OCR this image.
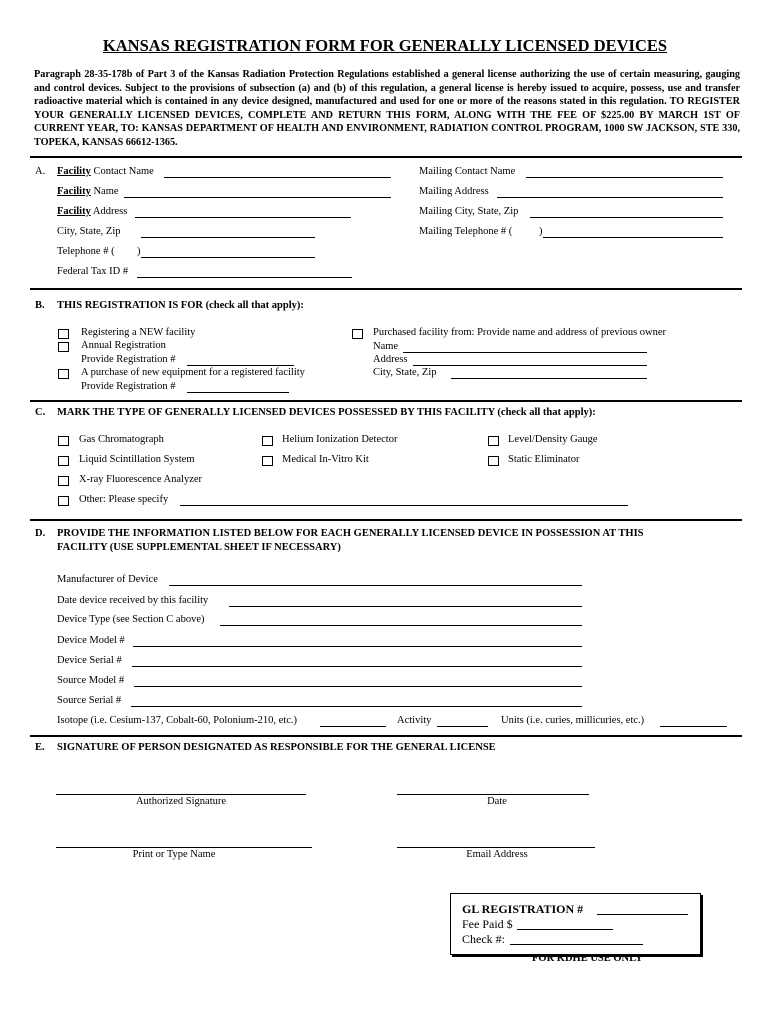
KANSAS REGISTRATION FORM FOR GENERALLY LICENSED DEVICES
Paragraph 28-35-178b of Part 3 of the Kansas Radiation Protection Regulations established a general license authorizing the use of certain measuring, gauging and control devices. Subject to the provisions of subsection (a) and (b) of this regulation, a general license is hereby issued to acquire, possess, use and transfer radioactive material which is contained in any device designed, manufactured and used for one or more of the reasons stated in this regulation. TO REGISTER YOUR GENERALLY LICENSED DEVICES, COMPLETE AND RETURN THIS FORM, ALONG WITH THE FEE OF $225.00 BY MARCH 1ST OF CURRENT YEAR, TO: KANSAS DEPARTMENT OF HEALTH AND ENVIRONMENT, RADIATION CONTROL PROGRAM, 1000 SW JACKSON, STE 330, TOPEKA, KANSAS 66612-1365.
A. Facility Contact Name
Facility Name
Facility Address
City, State, Zip
Telephone # ( )
Federal Tax ID #
Mailing Contact Name
Mailing Address
Mailing City, State, Zip
Mailing Telephone # (	)
B. THIS REGISTRATION IS FOR (check all that apply):
Registering a NEW facility
Annual Registration
Provide Registration #
A purchase of new equipment for a registered facility
Provide Registration #
Purchased facility from: Provide name and address of previous owner
Name
Address
City, State, Zip
C. MARK THE TYPE OF GENERALLY LICENSED DEVICES POSSESSED BY THIS FACILITY (check all that apply):
Gas Chromatograph	Helium Ionization Detector	Level/Density Gauge
Liquid Scintillation System	Medical In-Vitro Kit	Static Eliminator
X-ray Fluorescence Analyzer
Other: Please specify
D. PROVIDE THE INFORMATION LISTED BELOW FOR EACH GENERALLY LICENSED DEVICE IN POSSESSION AT THIS
FACILITY (USE SUPPLEMENTAL SHEET IF NECESSARY)
Manufacturer of Device
Date device received by this facility
Device Type (see Section C above)
Device Model #
Device Serial #
Source Model #
Source Serial #
Isotope (i.e. Cesium-137, Cobalt-60, Polonium-210, etc.)	Activity	Units (i.e. curies, millicuries, etc.)
E. SIGNATURE OF PERSON DESIGNATED AS RESPONSIBLE FOR THE GENERAL LICENSE
Authorized Signature	Date
Print or Type Name	Email Address
GL REGISTRATION #
Fee Paid $
Check #:
FOR KDHE USE ONLY
